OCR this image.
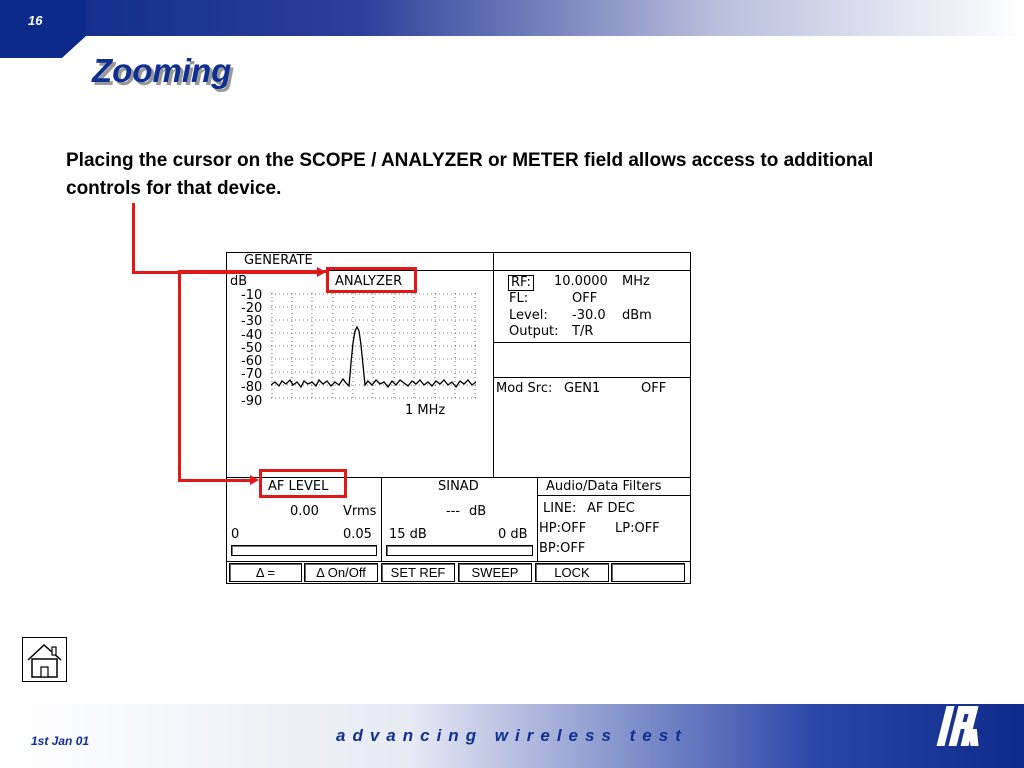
16
Zooming

Placing the cursor on the SCOPE / ANALYZER or METER field allows access to additional controls for that device.

GENERATE
dB	ANALYZER
-10
-20
-30
-40
-50
-60
-70
-80
-90
1 MHz
RF: 10.0000 MHz
FL:	OFF
Level: -30.0 dBm
Output: T/R
Mod Src: GEN1	OFF
AF LEVEL
0.00 Vrms
0	0.05
SINAD
--- dB
15 dB	0 dB
Audio/Data Filters
LINE: AF DEC
HP:OFF LP:OFF
BP:OFF
Δ =	Δ On/Off	SET REF	SWEEP	LOCK
1st Jan 01	advancing wireless test
